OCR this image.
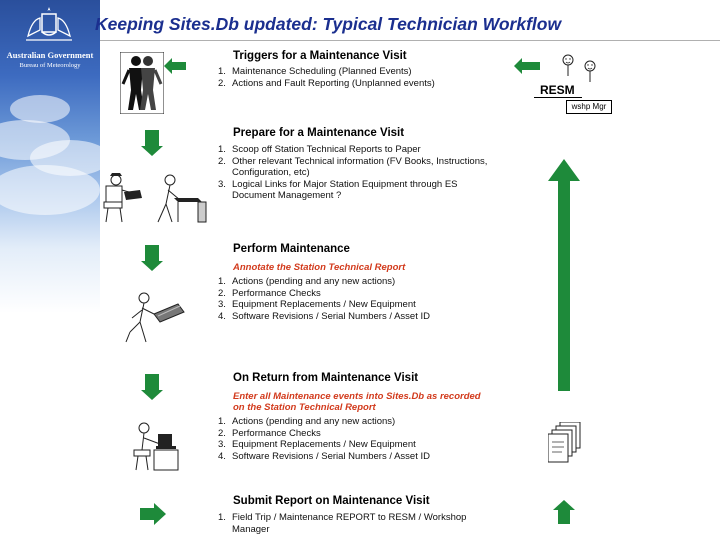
Australian Government
Bureau of Meteorology
Keeping Sites.Db updated: Typical Technician Workflow
Triggers for a Maintenance Visit
1. Maintenance Scheduling (Planned Events)
2. Actions and Fault Reporting (Unplanned events)	RESM
wshp Mgr
Prepare for a Maintenance Visit
1. Scoop off Station Technical Reports to Paper
2. Other relevant Technical information (FV Books, Instructions,
Configuration, etc)
3. Logical Links for Major Station Equipment through ES
Document Management ?
Perform Maintenance
Annotate the Station Technical Report
1. Actions (pending and any new actions)
2. Performance Checks
3. Equipment Replacements / New Equipment
4. Software Revisions / Serial Numbers / Asset ID
On Return from Maintenance Visit
Enter all Maintenance events into Sites.Db as recorded
on the Station Technical Report
1. Actions (pending and any new actions)
2. Performance Checks
3. Equipment Replacements / New Equipment
4. Software Revisions / Serial Numbers / Asset ID
Submit Report on Maintenance Visit
1. Field Trip / Maintenance REPORT to RESM / Workshop
Manager
